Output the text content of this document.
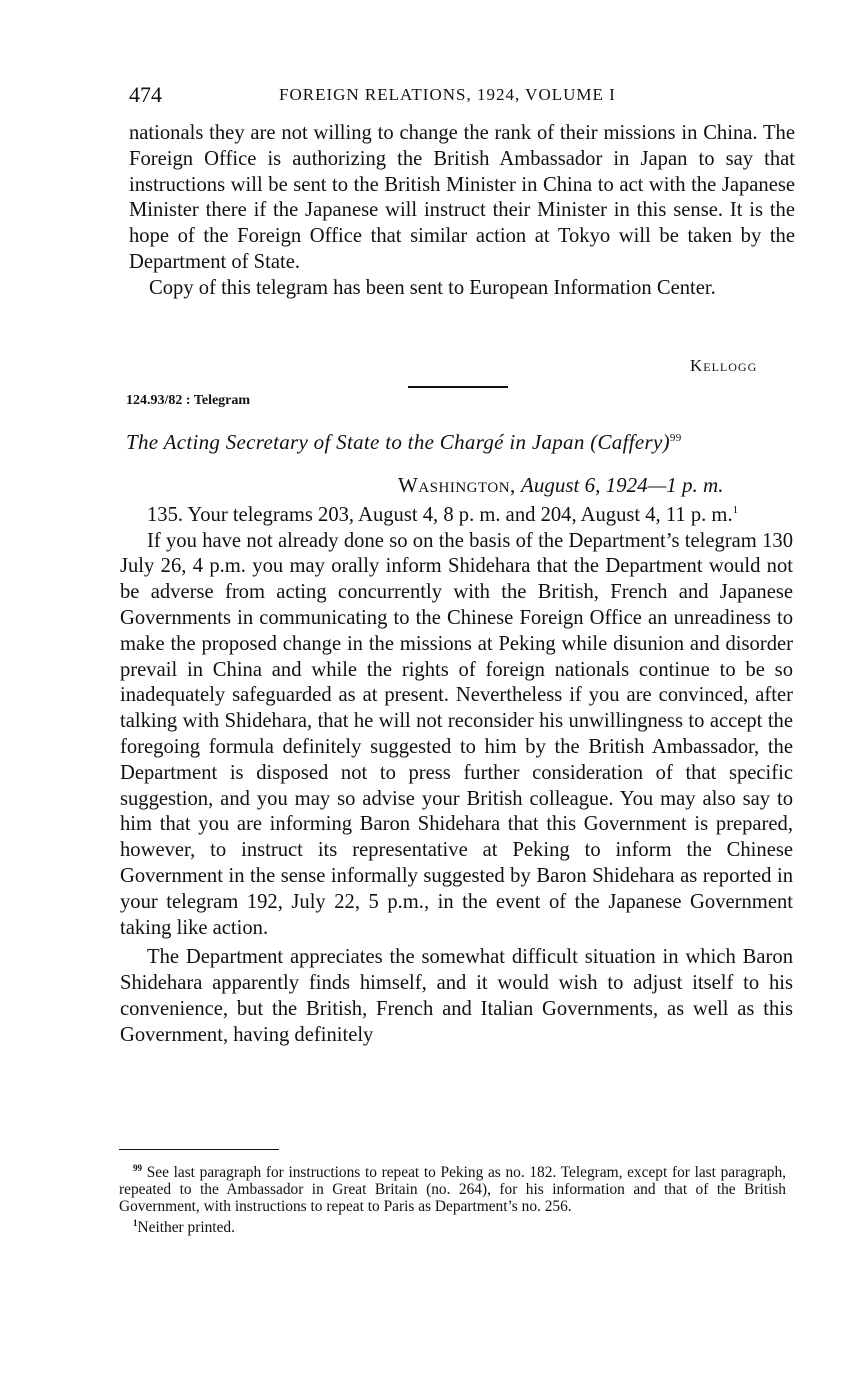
474	FOREIGN RELATIONS, 1924, VOLUME I

nationals they are not willing to change the rank of their missions in China. The Foreign Office is authorizing the British Ambassador in Japan to say that instructions will be sent to the British Minister in China to act with the Japanese Minister there if the Japanese will instruct their Minister in this sense. It is the hope of the Foreign Office that similar action at Tokyo will be taken by the Department of State.

Copy of this telegram has been sent to European Information Center.

Kellogg
124.93/82 : Telegram
The Acting Secretary of State to the Chargé in Japan (Caffery)$^{99}$
Washington, August 6, 1924—1 p. m.

135. Your telegrams 203, August 4, 8 p. m. and 204, August 4, 11 p. m.$^1$

If you have not already done so on the basis of the Department’s telegram 130 July 26, 4 p.m. you may orally inform Shidehara that the Department would not be adverse from acting concurrently with the British, French and Japanese Governments in communicating to the Chinese Foreign Office an unreadiness to make the proposed change in the missions at Peking while disunion and disorder prevail in China and while the rights of foreign nationals continue to be so inadequately safeguarded as at present. Nevertheless if you are convinced, after talking with Shidehara, that he will not reconsider his unwillingness to accept the foregoing formula definitely suggested to him by the British Ambassador, the Department is disposed not to press further consideration of that specific suggestion, and you may so advise your British colleague. You may also say to him that you are informing Baron Shidehara that this Government is prepared, however, to instruct its representative at Peking to inform the Chinese Government in the sense informally suggested by Baron Shidehara as reported in your telegram 192, July 22, 5 p.m., in the event of the Japanese Government taking like action.

The Department appreciates the somewhat difficult situation in which Baron Shidehara apparently finds himself, and it would wish to adjust itself to his convenience, but the British, French and Italian Governments, as well as this Government, having definitely

$^{99}$ See last paragraph for instructions to repeat to Peking as no. 182. Telegram, except for last paragraph, repeated to the Ambassador in Great Britain (no. 264), for his information and that of the British Government, with instructions to repeat to Paris as Department’s no. 256.

$^1$Neither printed.
